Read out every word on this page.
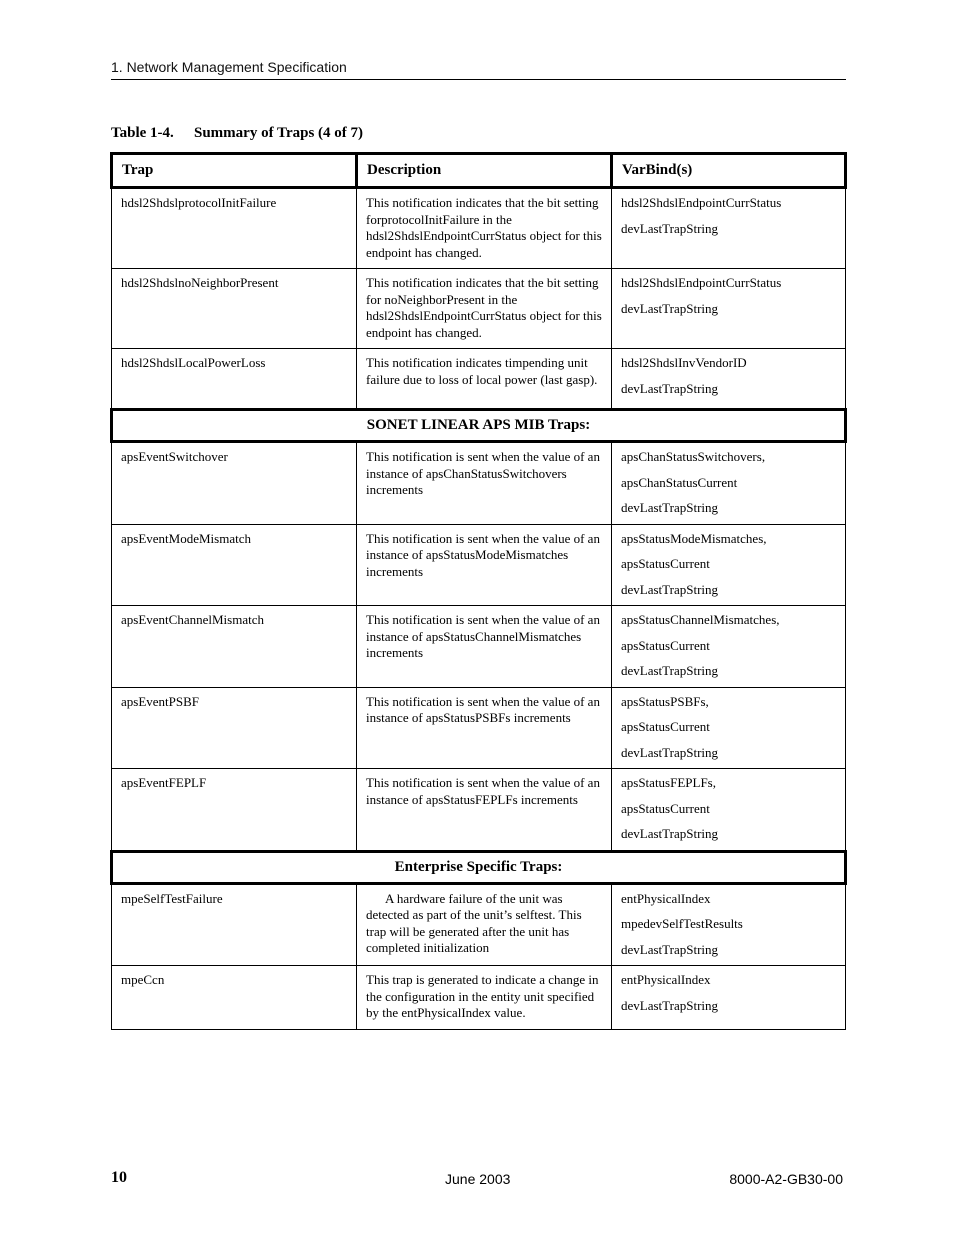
1. Network Management Specification
Table 1-4. Summary of Traps (4 of 7)
Trap	Description	VarBind(s)
hdsl2ShdslprotocolInitFailure	This notification indicates that the bit setting forprotocolInitFailure in the hdsl2ShdslEndpointCurrStatus object for this endpoint has changed.	hdsl2ShdslEndpointCurrStatus
devLastTrapString

hdsl2ShdslnoNeighborPresent	This notification indicates that the bit setting for noNeighborPresent in the hdsl2ShdslEndpointCurrStatus object for this endpoint has changed.	hdsl2ShdslEndpointCurrStatus
devLastTrapString

hdsl2ShdslLocalPowerLoss	This notification indicates timpending unit failure due to loss of local power (last gasp).	hdsl2ShdslInvVendorID
devLastTrapString

SONET LINEAR APS MIB Traps:		
apsEventSwitchover	This notification is sent when the value of an instance of apsChanStatusSwitchovers increments	apsChanStatusSwitchovers,
apsChanStatusCurrent
devLastTrapString

apsEventModeMismatch	This notification is sent when the value of an instance of apsStatusModeMismatches increments	apsStatusModeMismatches,
apsStatusCurrent
devLastTrapString

apsEventChannelMismatch	This notification is sent when the value of an instance of apsStatusChannelMismatches increments	apsStatusChannelMismatches,
apsStatusCurrent
devLastTrapString

apsEventPSBF	This notification is sent when the value of an instance of apsStatusPSBFs increments	apsStatusPSBFs,
apsStatusCurrent
devLastTrapString

apsEventFEPLF	This notification is sent when the value of an instance of apsStatusFEPLFs increments	apsStatusFEPLFs,
apsStatusCurrent
devLastTrapString

Enterprise Specific Traps:		
mpeSelfTestFailure	A hardware failure of the unit was detected as part of the unit’s selftest. This trap will be generated after the unit has completed initialization	entPhysicalIndex
mpedevSelfTestResults
devLastTrapString

mpeCcn	This trap is generated to indicate a change in the configuration in the entity unit specified by the entPhysicalIndex value.	entPhysicalIndex
devLastTrapString
10	June 2003	8000-A2-GB30-00
